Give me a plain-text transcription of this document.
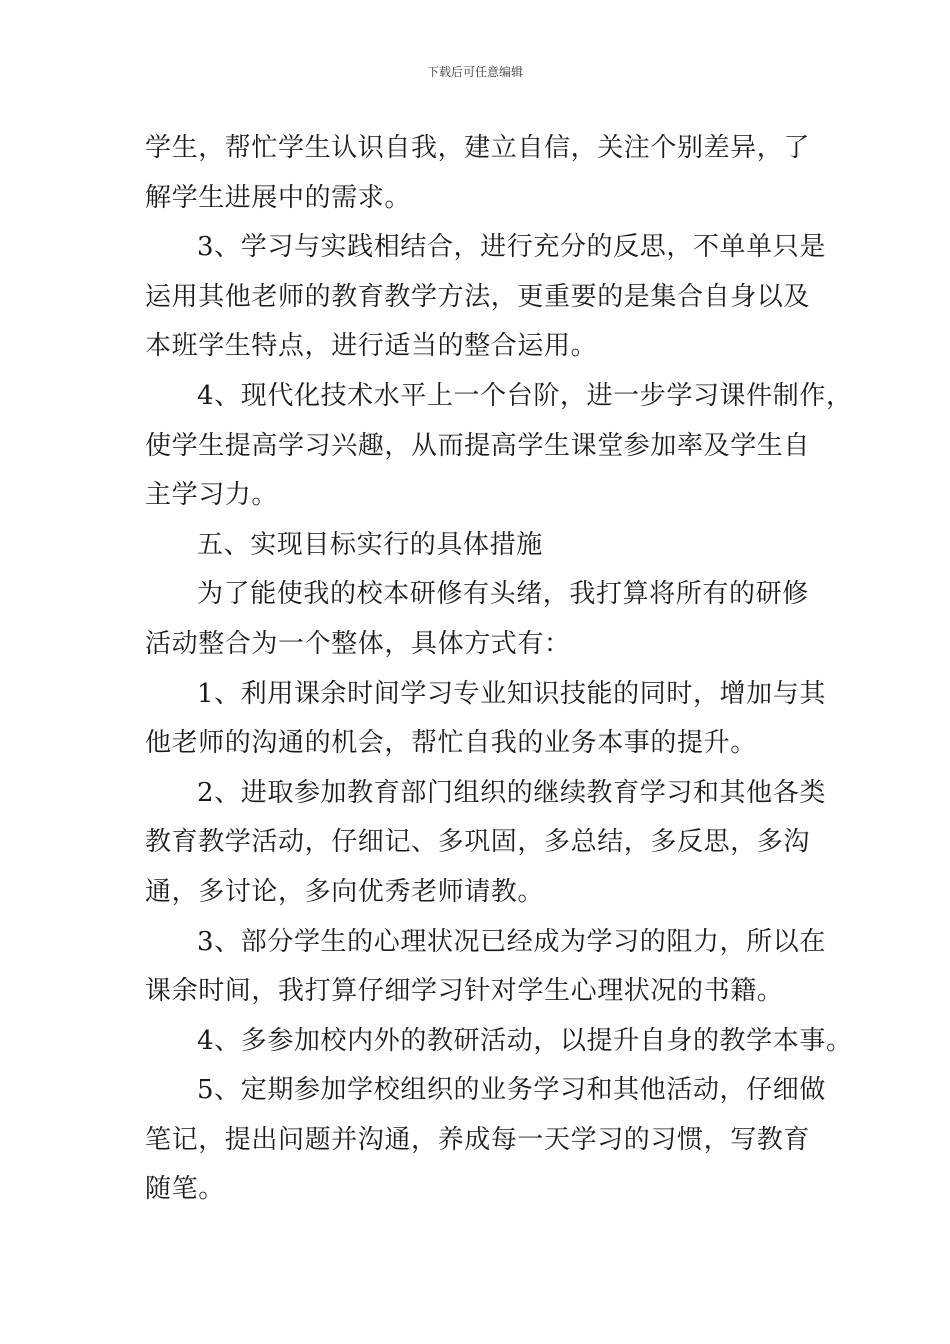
下载后可任意编辑

学生，帮忙学生认识自我，建立自信，关注个别差异，了
解学生进展中的需求。

3、学习与实践相结合，进行充分的反思，不单单只是
运用其他老师的教育教学方法，更重要的是集合自身以及
本班学生特点，进行适当的整合运用。

4、现代化技术水平上一个台阶，进一步学习课件制作，
使学生提高学习兴趣，从而提高学生课堂参加率及学生自
主学习力。

五、实现目标实行的具体措施

为了能使我的校本研修有头绪，我打算将所有的研修
活动整合为一个整体，具体方式有：

1、利用课余时间学习专业知识技能的同时，增加与其
他老师的沟通的机会，帮忙自我的业务本事的提升。

2、进取参加教育部门组织的继续教育学习和其他各类
教育教学活动，仔细记、多巩固，多总结，多反思，多沟
通，多讨论，多向优秀老师请教。

3、部分学生的心理状况已经成为学习的阻力，所以在
课余时间，我打算仔细学习针对学生心理状况的书籍。

4、多参加校内外的教研活动，以提升自身的教学本事。

5、定期参加学校组织的业务学习和其他活动，仔细做
笔记，提出问题并沟通，养成每一天学习的习惯，写教育
随笔。
